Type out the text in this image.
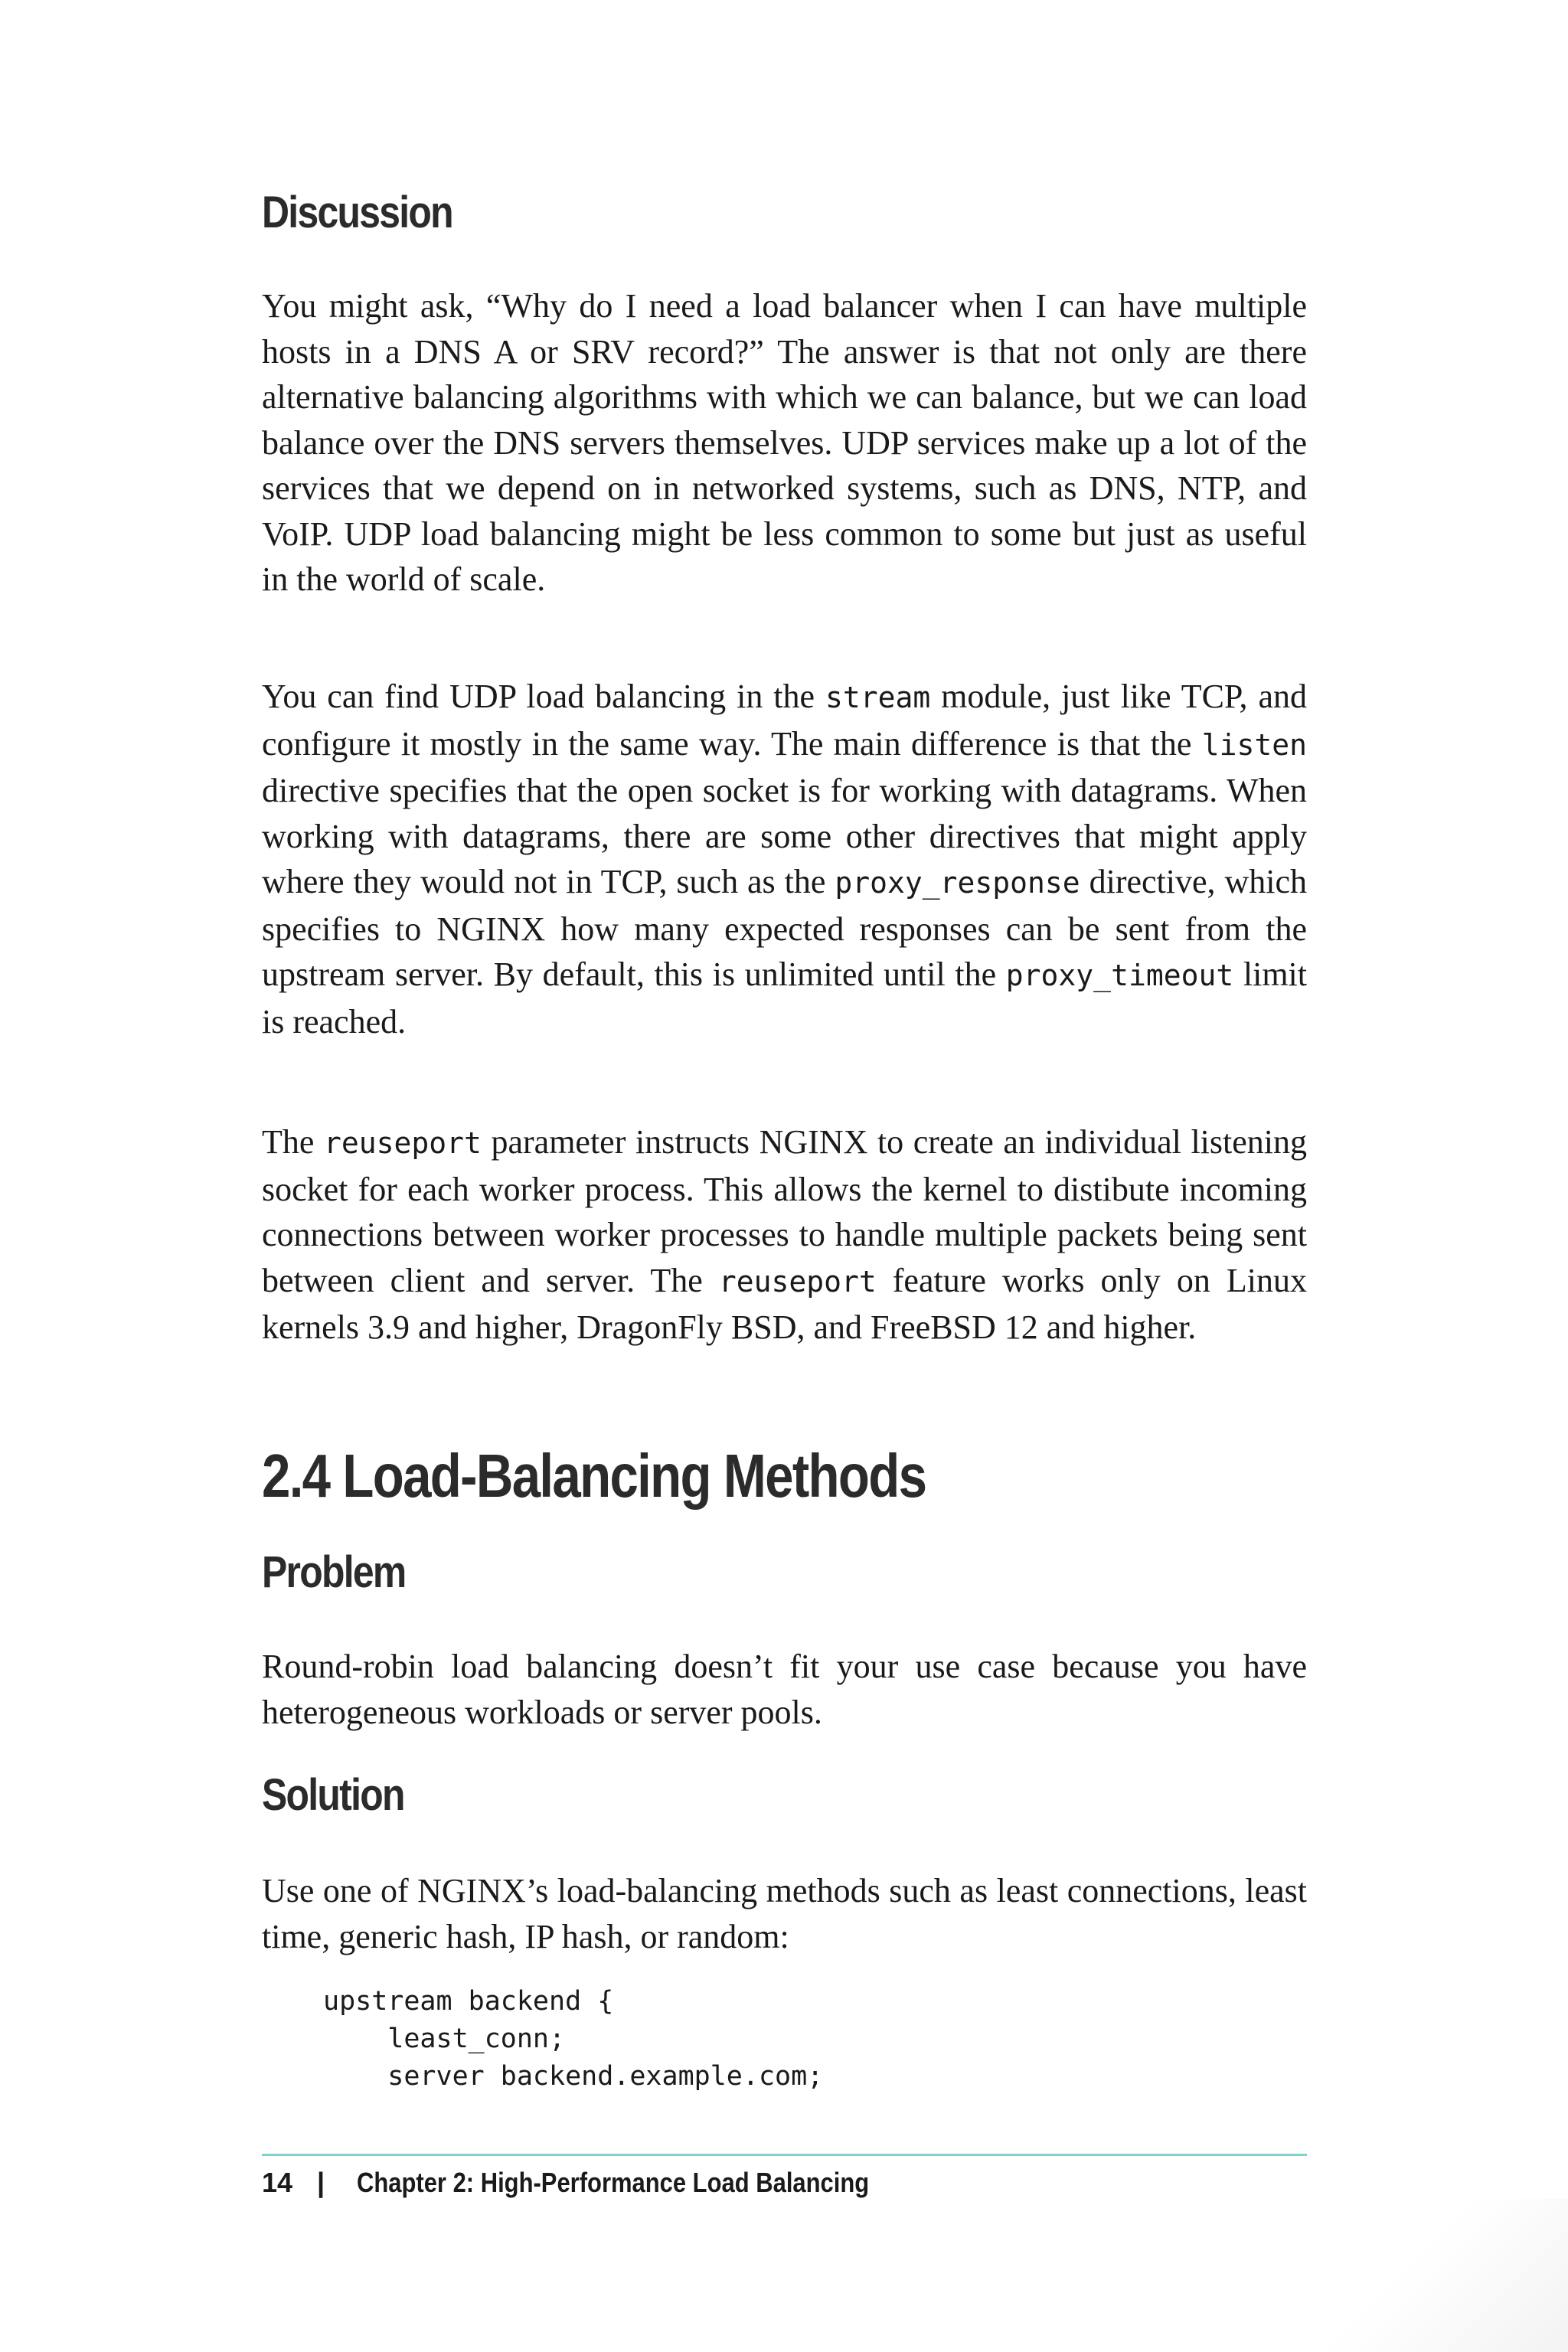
Discussion

You might ask, “Why do I need a load balancer when I can have multiple hosts in a DNS A or SRV record?” The answer is that not only are there alternative balancing algorithms with which we can balance, but we can load balance over the DNS servers themselves. UDP services make up a lot of the services that we depend on in networked systems, such as DNS, NTP, and VoIP. UDP load balancing might be less common to some but just as useful in the world of scale.

You can find UDP load balancing in the stream module, just like TCP, and configure it mostly in the same way. The main difference is that the listen directive specifies that the open socket is for working with datagrams. When working with datagrams, there are some other directives that might apply where they would not in TCP, such as the proxy_response directive, which specifies to NGINX how many expected responses can be sent from the upstream server. By default, this is unlimited until the proxy_timeout limit is reached.

The reuseport parameter instructs NGINX to create an individual listening socket for each worker process. This allows the kernel to distibute incoming connections between worker processes to handle multiple packets being sent between client and server. The reuseport feature works only on Linux kernels 3.9 and higher, DragonFly BSD, and FreeBSD 12 and higher.

2.4 Load-Balancing Methods
Problem

Round-robin load balancing doesn’t fit your use case because you have heterogeneous workloads or server pools.

Solution

Use one of NGINX’s load-balancing methods such as least connections, least time, generic hash, IP hash, or random:

upstream backend {
least_conn;
server backend.example.com;
14 |	Chapter 2: High-Performance Load Balancing
